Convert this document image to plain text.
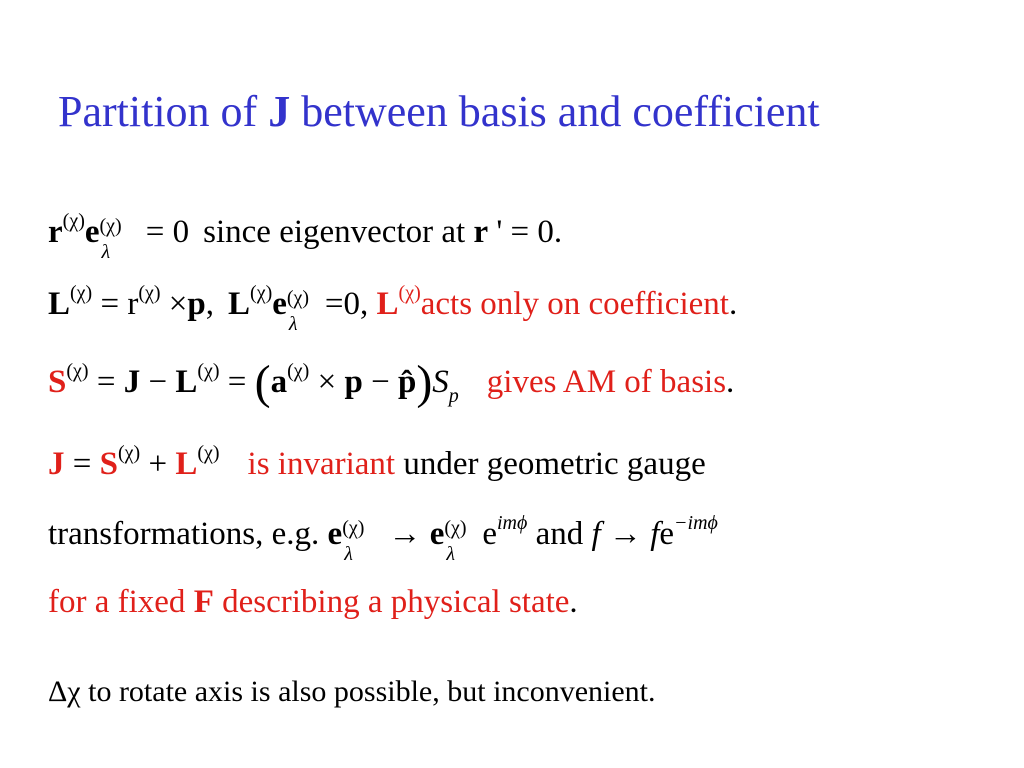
Partition of J between basis and coefficient
$r^{(\chi)}e$ (χ)
λ
= 0 since eigenvector at r ' = 0.
$L^{(\chi)} = r^{(\chi)} \times p$, $L^{(\chi)}e$ (χ)
λ
=0, $L^{(\chi)}acts$ only on coefficient.
$S^{(\chi)} = J - L^{(\chi)} = (a^{(\chi)} \times p$ − $p̂)S_p$ gives AM of basis.
$J = S^{(\chi)} + L^{(\chi)}$ is invariant under geometric gauge
transformations, e.g. e (χ)
λ
→ e (χ)
λ
$e^{im\phi}$ and $f \to fe^{-im\phi}$
for a fixed F describing a physical state.
Δχ to rotate axis is also possible, but inconvenient.
